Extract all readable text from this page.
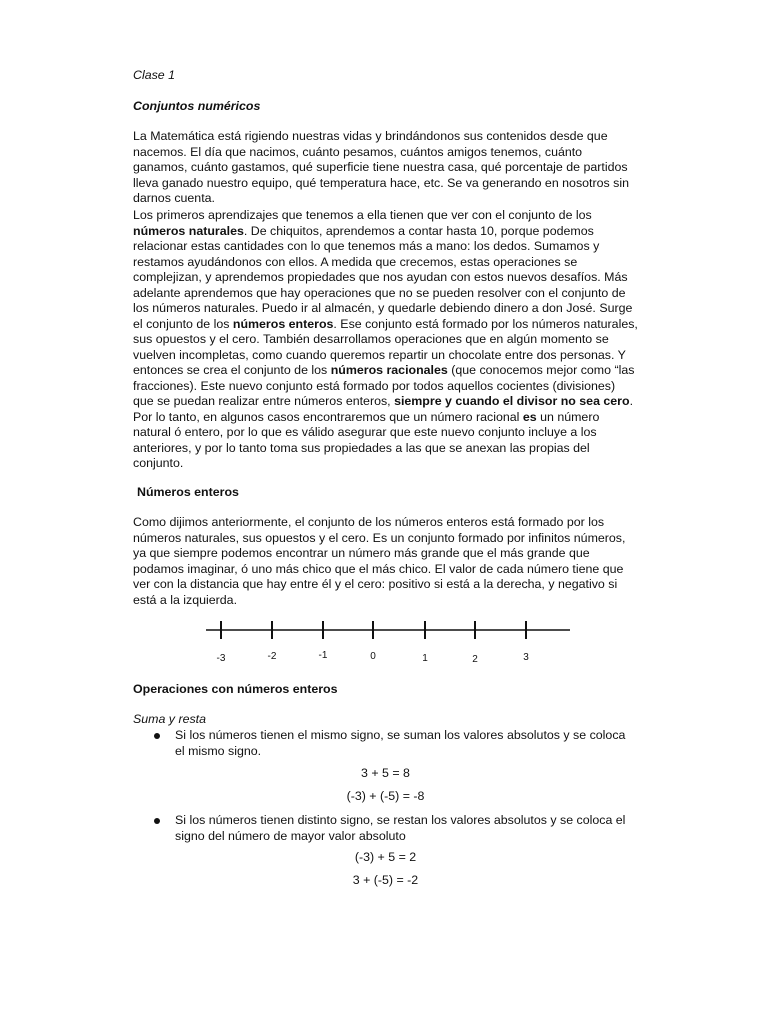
Clase 1
Conjuntos numéricos
La Matemática está rigiendo nuestras vidas y brindándonos sus contenidos desde que nacemos. El día que nacimos, cuánto pesamos, cuántos amigos tenemos, cuánto ganamos, cuánto gastamos, qué superficie tiene nuestra casa, qué porcentaje de partidos lleva ganado nuestro equipo, qué temperatura hace, etc. Se va generando en nosotros sin darnos cuenta.
Los primeros aprendizajes que tenemos a ella tienen que ver con el conjunto de los números naturales. De chiquitos, aprendemos a contar hasta 10, porque podemos relacionar estas cantidades con lo que tenemos más a mano: los dedos. Sumamos y restamos ayudándonos con ellos. A medida que crecemos, estas operaciones se complejizan, y aprendemos propiedades que nos ayudan con estos nuevos desafíos. Más adelante aprendemos que hay operaciones que no se pueden resolver con el conjunto de los números naturales. Puedo ir al almacén, y quedarle debiendo dinero a don José. Surge el conjunto de los números enteros. Ese conjunto está formado por los números naturales, sus opuestos y el cero. También desarrollamos operaciones que en algún momento se vuelven incompletas, como cuando queremos repartir un chocolate entre dos personas. Y entonces se crea el conjunto de los números racionales (que conocemos mejor como “las fracciones). Este nuevo conjunto está formado por todos aquellos cocientes (divisiones) que se puedan realizar entre números enteros, siempre y cuando el divisor no sea cero. Por lo tanto, en algunos casos encontraremos que un número racional es un número natural ó entero, por lo que es válido asegurar que este nuevo conjunto incluye a los anteriores, y por lo tanto toma sus propiedades a las que se anexan las propias del conjunto.
Números enteros
Como dijimos anteriormente, el conjunto de los números enteros está formado por los números naturales, sus opuestos y el cero. Es un conjunto formado por infinitos números, ya que siempre podemos encontrar un número más grande que el más grande que podamos imaginar, ó uno más chico que el más chico. El valor de cada número tiene que ver con la distancia que hay entre él y el cero: positivo si está a la derecha, y negativo si está a la izquierda.
-3	-2	-1	0	1	2	3
Operaciones con números enteros
Suma y resta
Si los números tienen el mismo signo, se suman los valores absolutos y se coloca el mismo signo.
3 + 5 = 8
(-3) + (-5) = -8
Si los números tienen distinto signo, se restan los valores absolutos y se coloca el signo del número de mayor valor absoluto
(-3) + 5 = 2
3 + (-5) = -2
